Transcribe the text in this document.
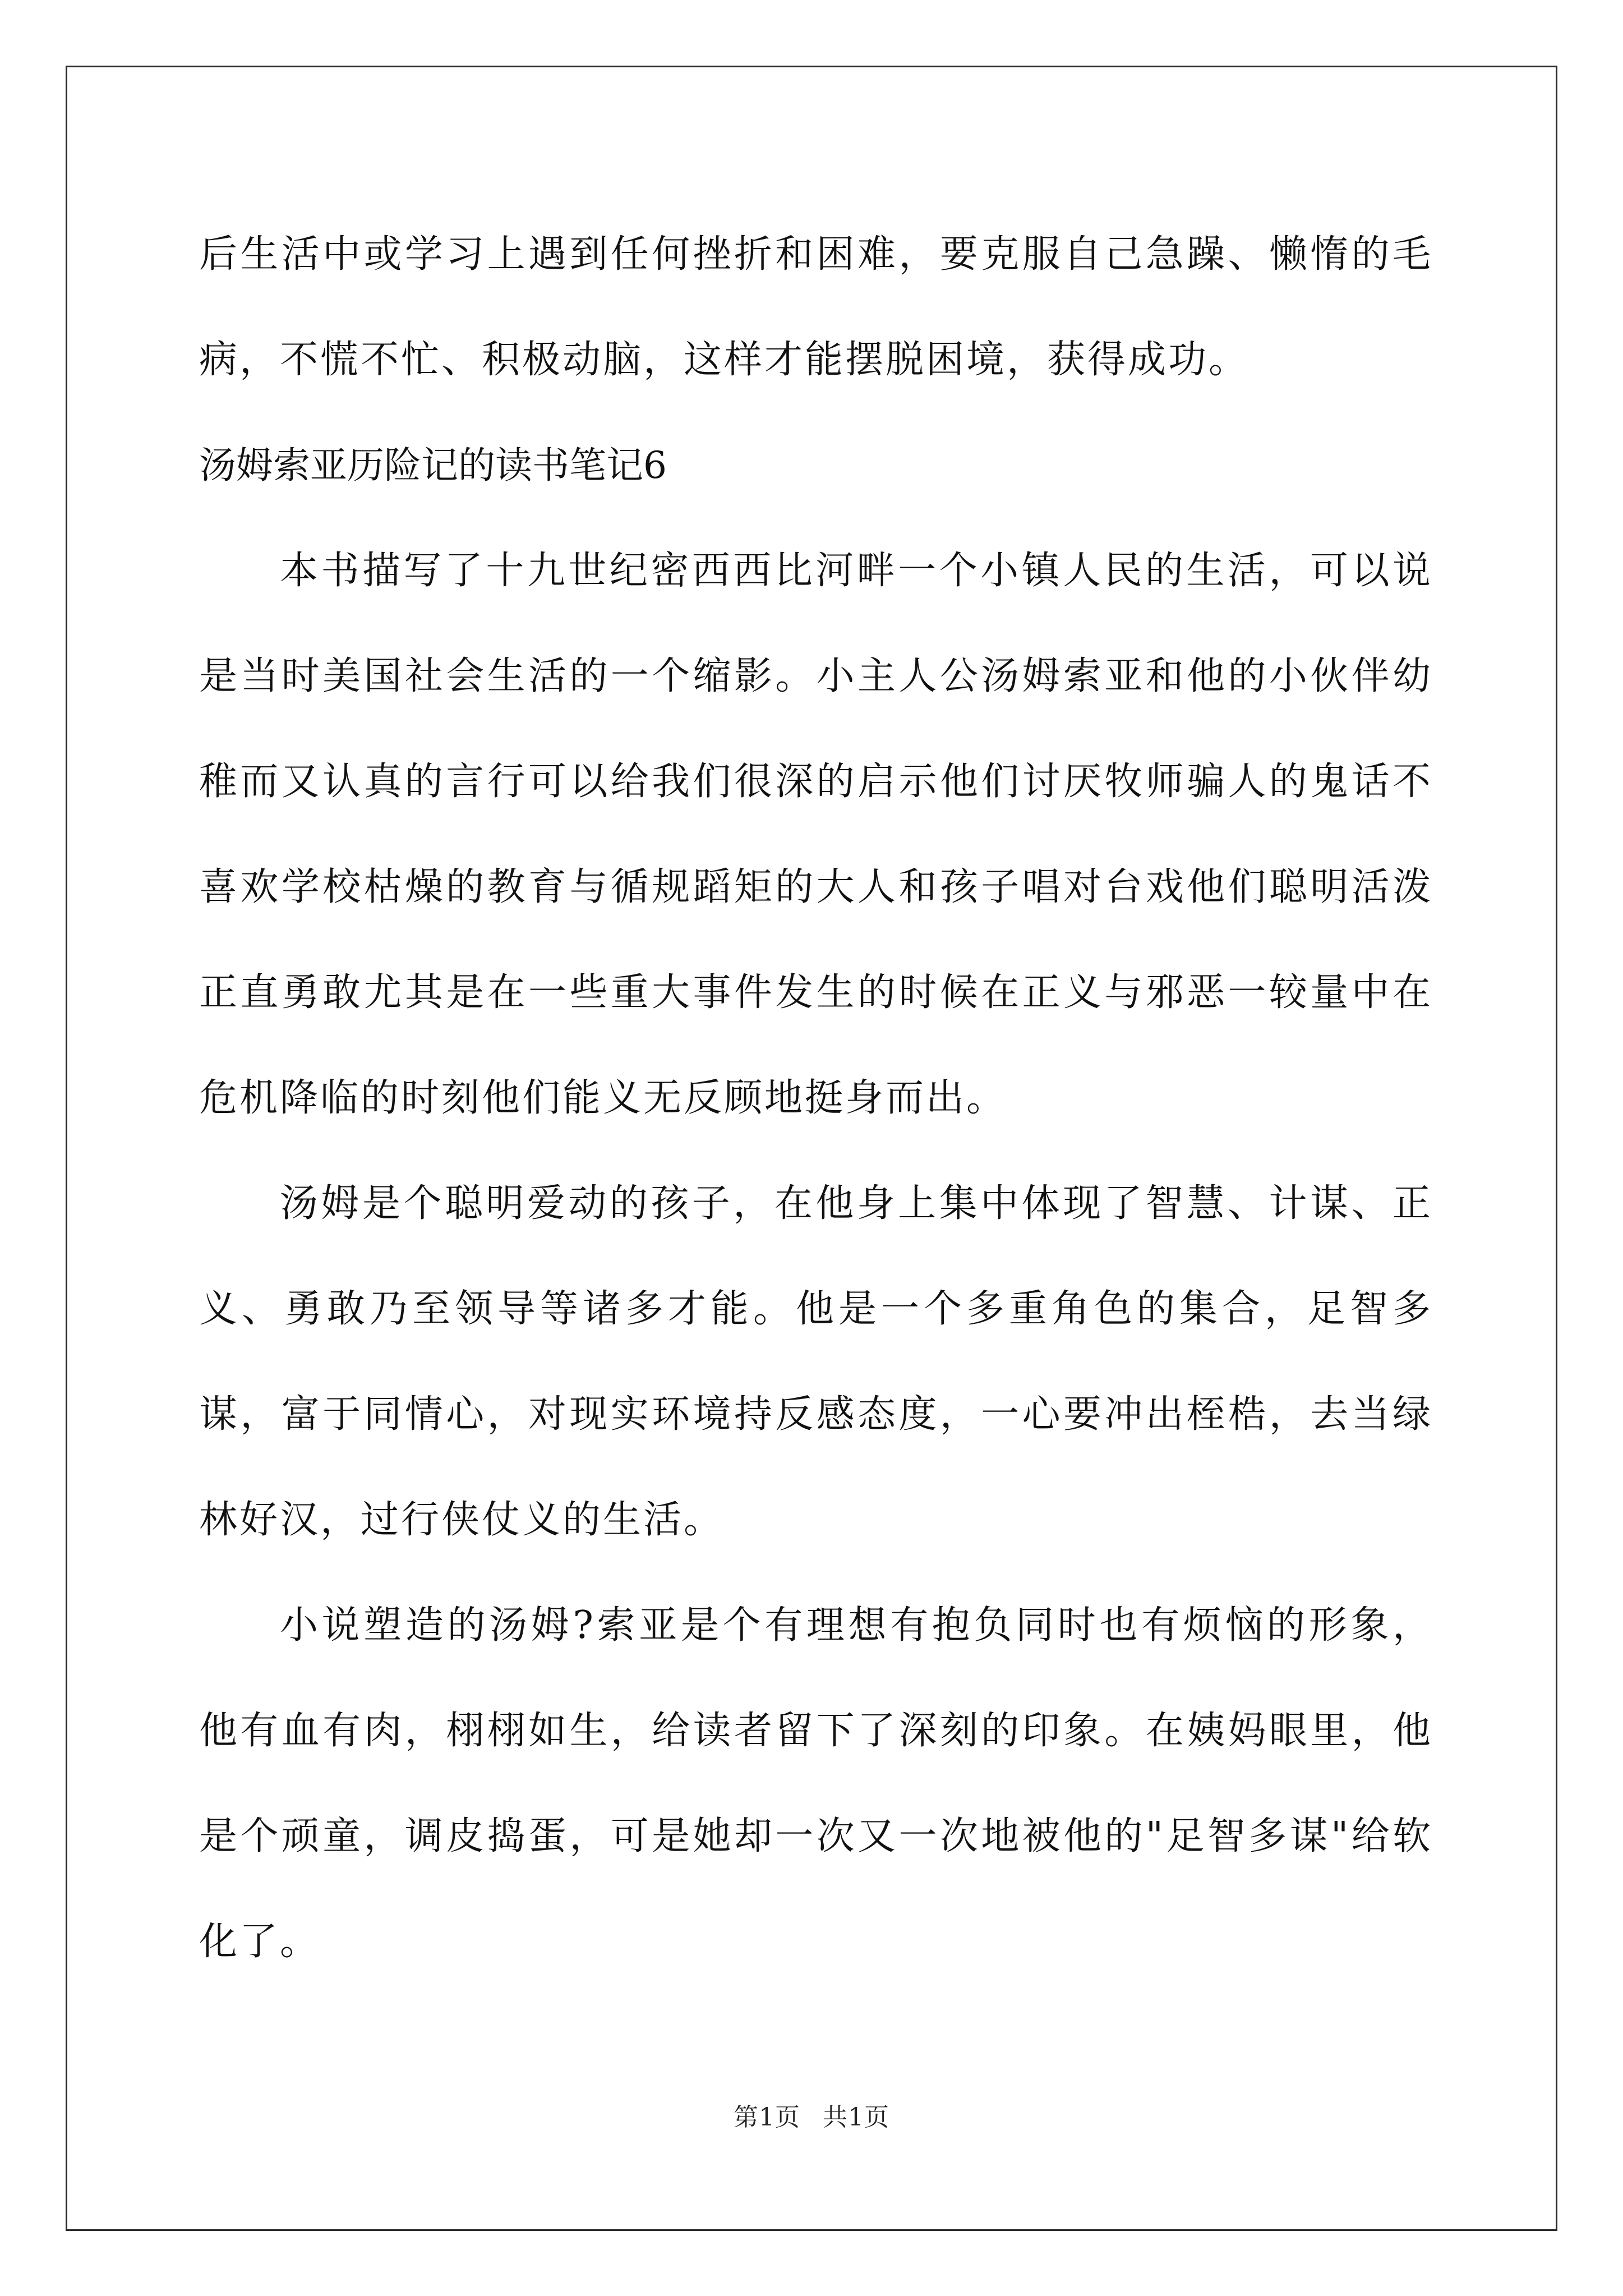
后生活中或学习上遇到任何挫折和困难，要克服自己急躁、懒惰的毛病，不慌不忙、积极动脑，这样才能摆脱困境，获得成功。

汤姆索亚历险记的读书笔记6

本书描写了十九世纪密西西比河畔一个小镇人民的生活，可以说是当时美国社会生活的一个缩影。小主人公汤姆索亚和他的小伙伴幼稚而又认真的言行可以给我们很深的启示他们讨厌牧师骗人的鬼话不喜欢学校枯燥的教育与循规蹈矩的大人和孩子唱对台戏他们聪明活泼正直勇敢尤其是在一些重大事件发生的时候在正义与邪恶一较量中在危机降临的时刻他们能义无反顾地挺身而出。

汤姆是个聪明爱动的孩子，在他身上集中体现了智慧、计谋、正义、勇敢乃至领导等诸多才能。他是一个多重角色的集合，足智多谋，富于同情心，对现实环境持反感态度，一心要冲出桎梏，去当绿林好汉，过行侠仗义的生活。

小说塑造的汤姆?索亚是个有理想有抱负同时也有烦恼的形象，他有血有肉，栩栩如生，给读者留下了深刻的印象。在姨妈眼里，他是个顽童，调皮捣蛋，可是她却一次又一次地被他的"足智多谋"给软化了。

第1页 共1页
